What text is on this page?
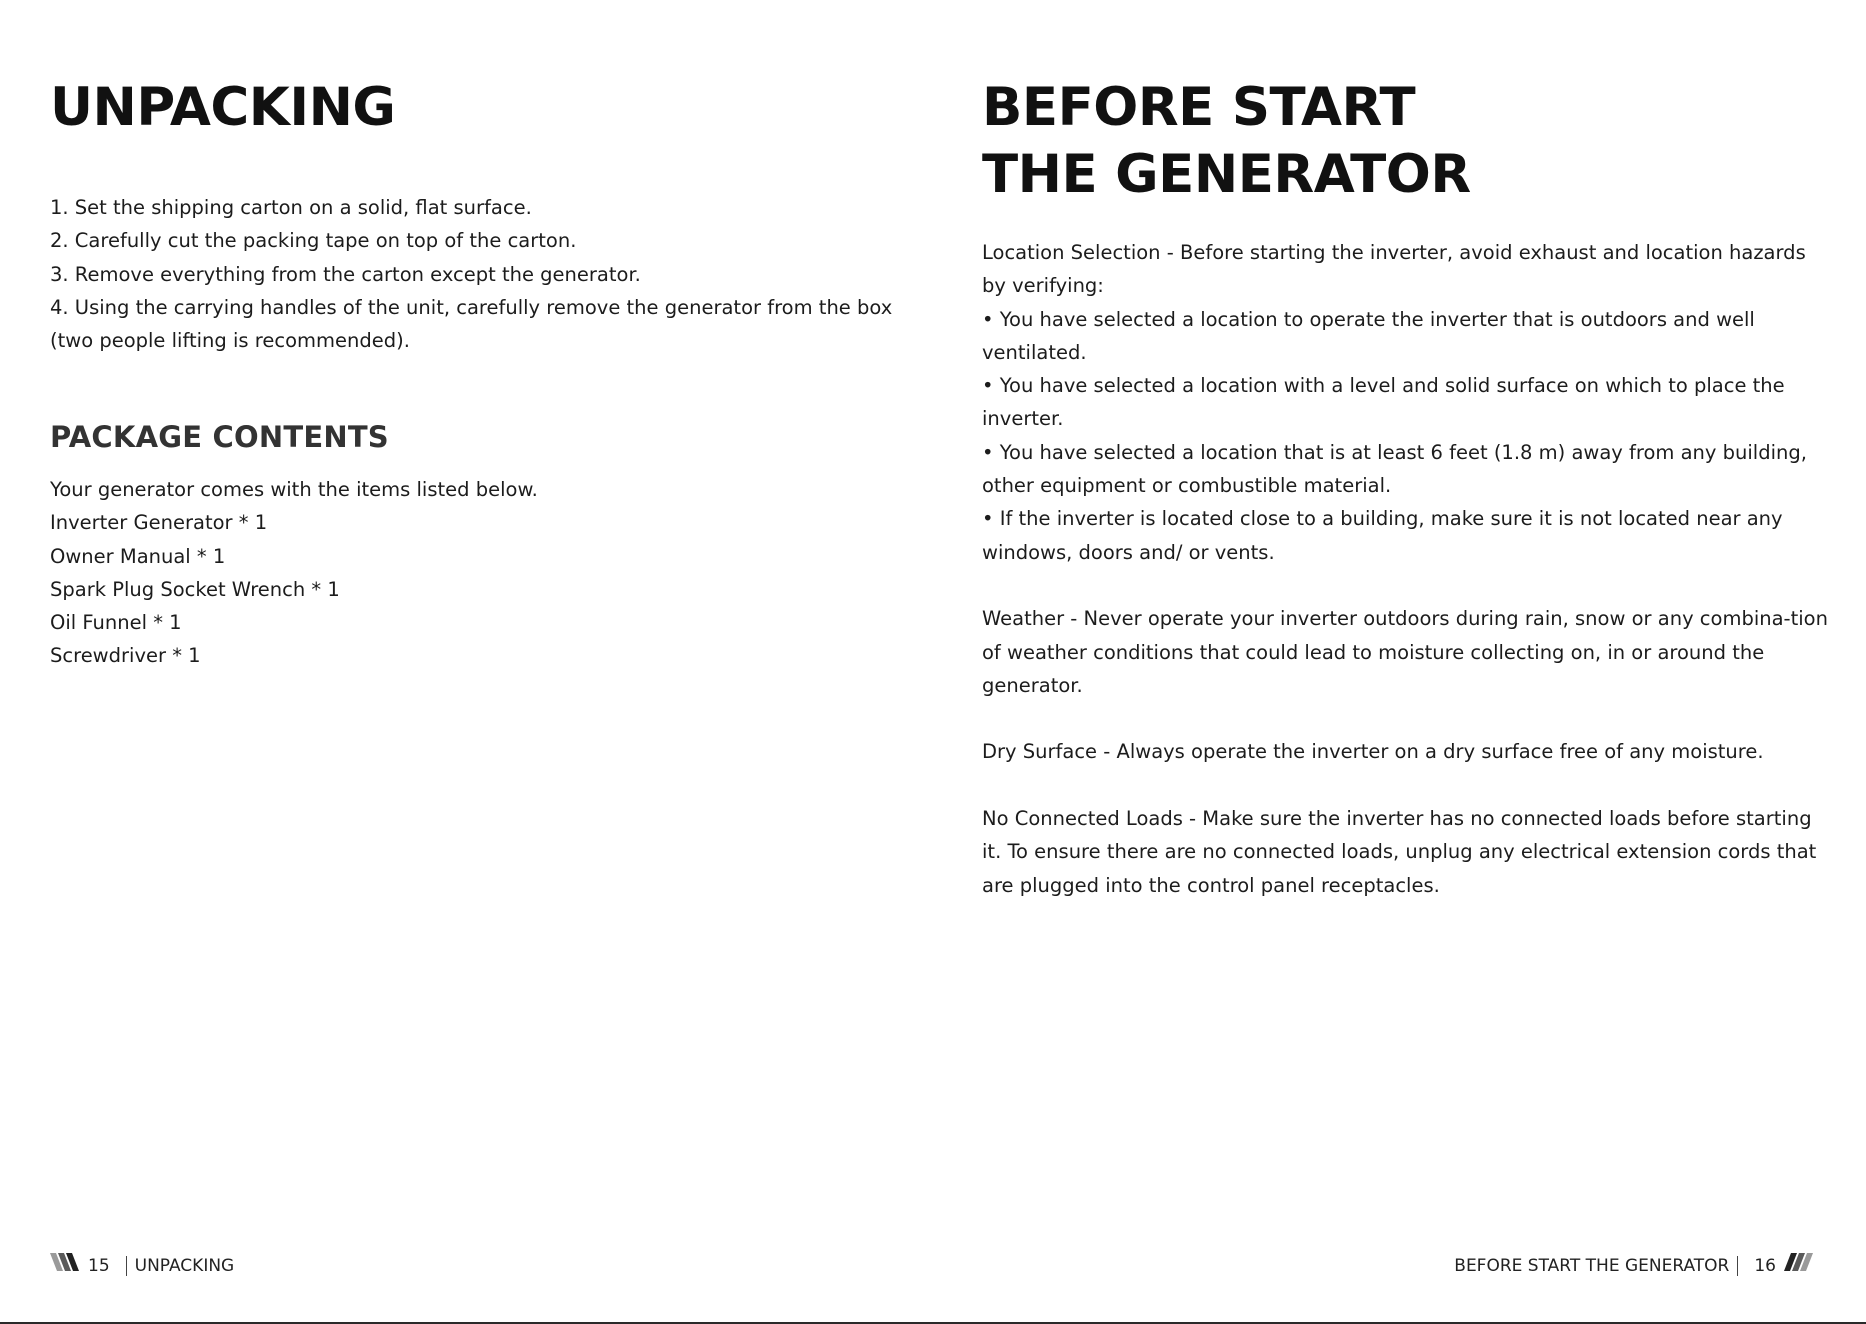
UNPACKING

1. Set the shipping carton on a solid, flat surface.

2. Carefully cut the packing tape on top of the carton.

3. Remove everything from the carton except the generator.

4. Using the carrying handles of the unit, carefully remove the generator from the box (two people lifting is recommended).

PACKAGE CONTENTS

Your generator comes with the items listed below.

Inverter Generator * 1

Owner Manual * 1

Spark Plug Socket Wrench * 1

Oil Funnel * 1

Screwdriver * 1

15 UNPACKING
BEFORE START
THE GENERATOR

Location Selection - Before starting the inverter, avoid exhaust and location hazards by verifying:

• You have selected a location to operate the inverter that is outdoors and well ventilated.

• You have selected a location with a level and solid surface on which to place the inverter.

• You have selected a location that is at least 6 feet (1.8 m) away from any building, other equipment or combustible material.

• If the inverter is located close to a building, make sure it is not located near any windows, doors and/ or vents.

Weather - Never operate your inverter outdoors during rain, snow or any combina-tion of weather conditions that could lead to moisture collecting on, in or around the generator.

Dry Surface - Always operate the inverter on a dry surface free of any moisture.

No Connected Loads - Make sure the inverter has no connected loads before starting it. To ensure there are no connected loads, unplug any electrical extension cords that are plugged into the control panel receptacles.

BEFORE START THE GENERATOR 16
